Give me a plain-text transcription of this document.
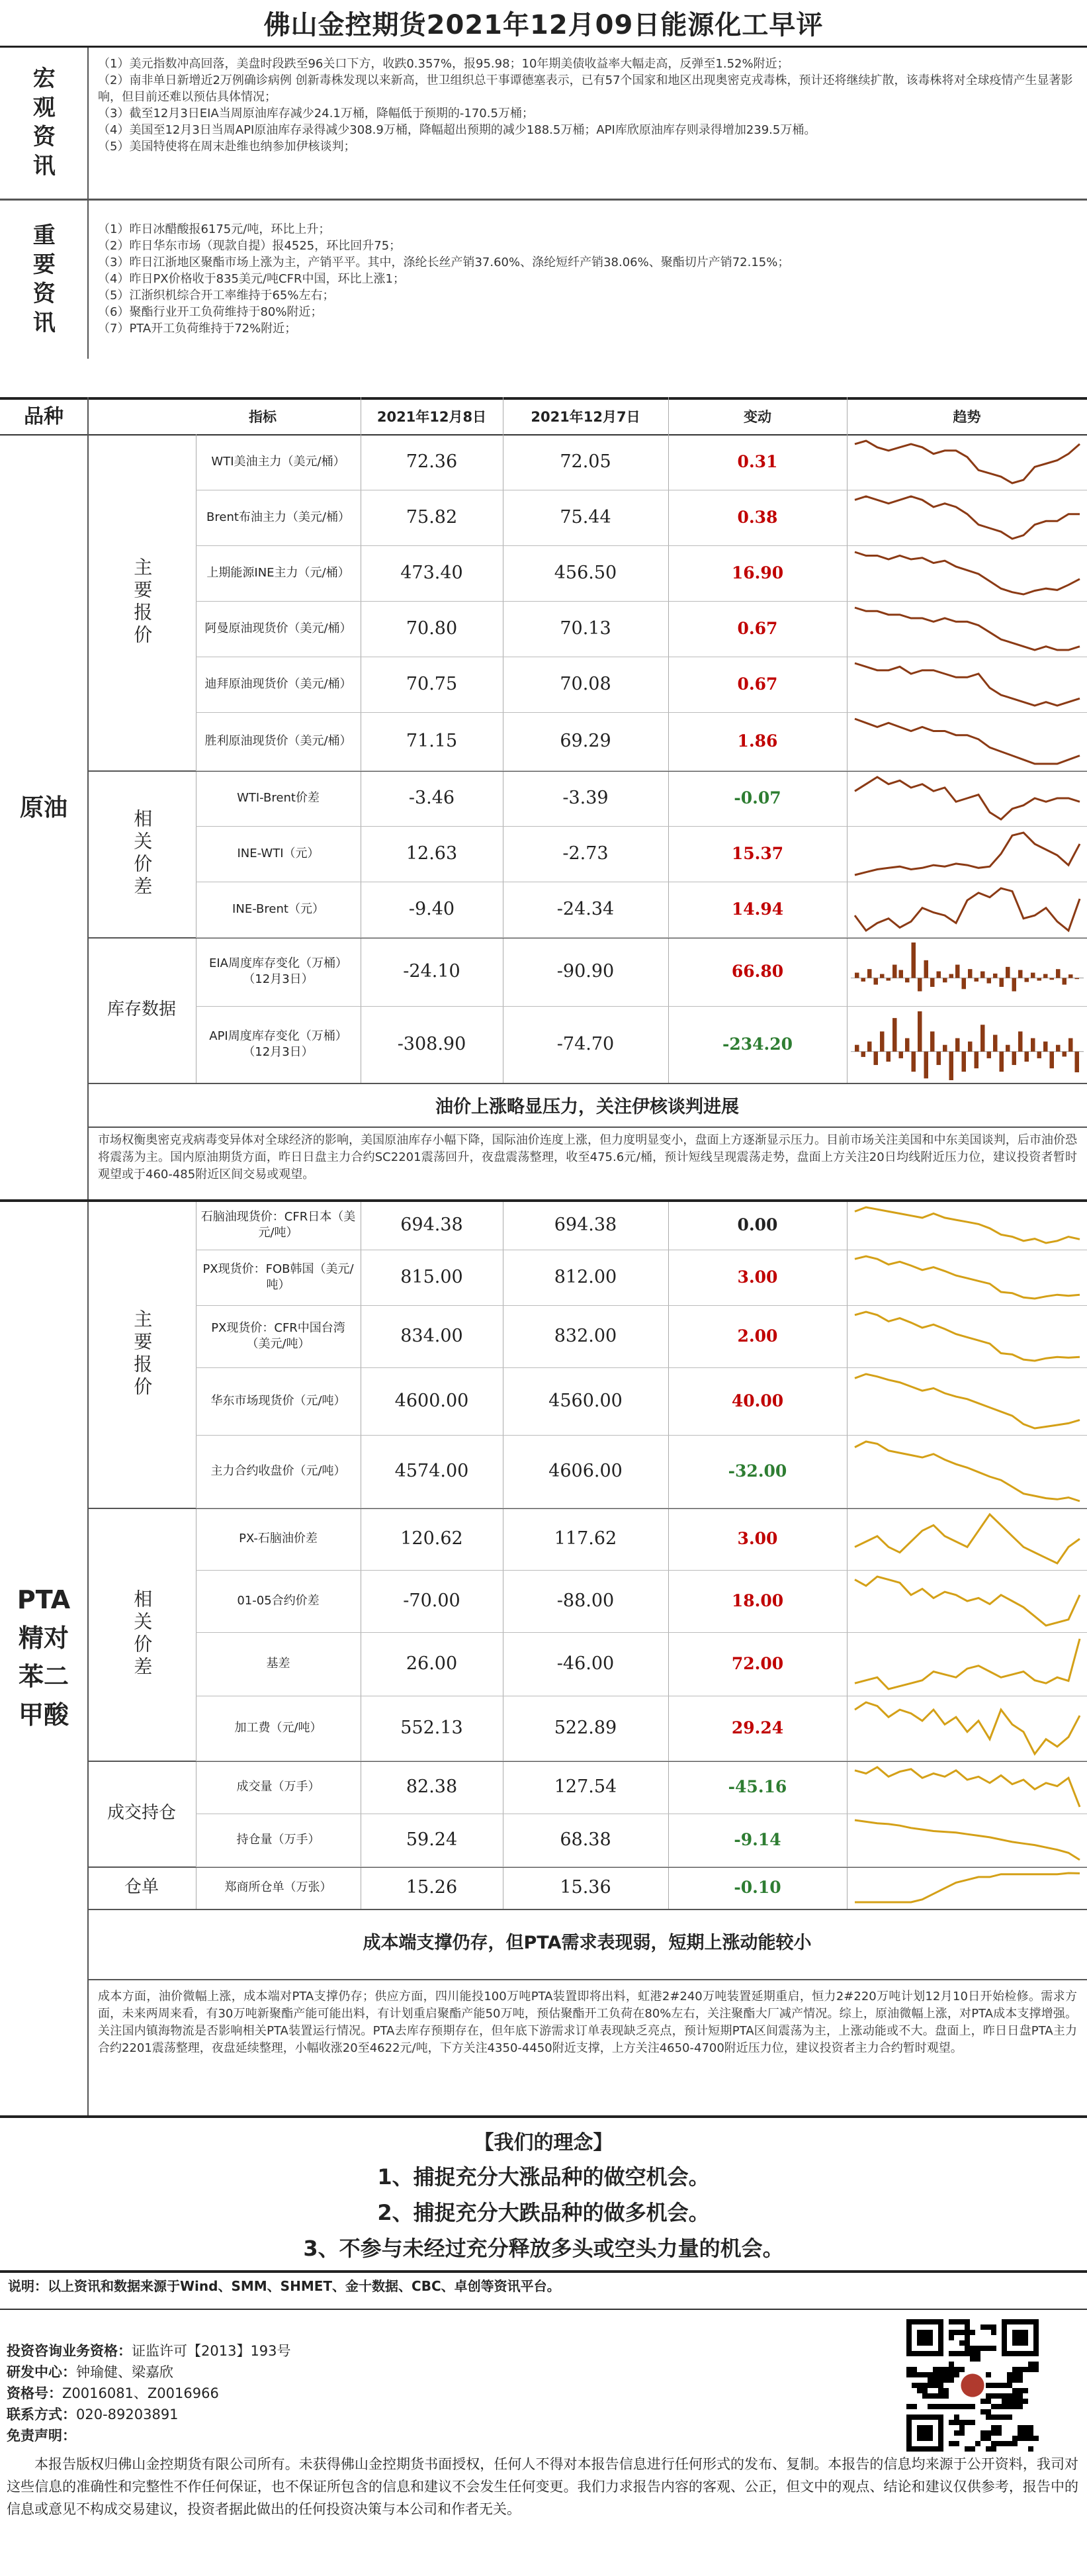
佛山金控期货2021年12月09日能源化工早评
宏观资讯

（1）美元指数冲高回落，美盘时段跌至96关口下方，收跌0.357%，报95.98；10年期美债收益率大幅走高，反弹至1.52%附近；

（2）南非单日新增近2万例确诊病例 创新毒株发现以来新高，世卫组织总干事谭德塞表示，已有57个国家和地区出现奥密克戎毒株，预计还将继续扩散，该毒株将对全球疫情产生显著影响，但目前还难以预估具体情况；

（3）截至12月3日EIA当周原油库存减少24.1万桶，降幅低于预期的-170.5万桶；

（4）美国至12月3日当周API原油库存录得减少308.9万桶，降幅超出预期的减少188.5万桶；API库欣原油库存则录得增加239.5万桶。

（5）美国特使将在周末赴维也纳参加伊核谈判；

重要资讯	（1）昨日冰醋酸报6175元/吨，环比上升；

（2）昨日华东市场（现款自提）报4525，环比回升75；

（3）昨日江浙地区聚酯市场上涨为主，产销平平。其中，涤纶长丝产销37.60%、涤纶短纤产销38.06%、聚酯切片产销72.15%；

（4）昨日PX价格收于835美元/吨CFR中国，环比上涨1；

（5）江浙织机综合开工率维持于65%左右；

（6）聚酯行业开工负荷维持于80%附近；

（7）PTA开工负荷维持于72%附近；

品种	指标	2021年12月8日	2021年12月7日	变动	趋势
原油
主要报价
相关价差
库存数据
油价上涨略显压力，关注伊核谈判进展
市场权衡奥密克戎病毒变异体对全球经济的影响，美国原油库存小幅下降，国际油价连度上涨，但力度明显变小，盘面上方逐渐显示压力。目前市场关注美国和中东美国谈判，后市油价恐将震荡为主。国内原油期货方面，昨日日盘主力合约SC2201震荡回升，夜盘震荡整理，收至475.6元/桶，预计短线呈现震荡走势，盘面上方关注20日均线附近压力位，建议投资者暂时观望或于460-485附近区间交易或观望。
PTA精对苯二甲酸
主要报价
相关价差
成交持仓
仓单
成本端支撑仍存，但PTA需求表现弱，短期上涨动能较小
成本方面，油价微幅上涨，成本端对PTA支撑仍存；供应方面，四川能投100万吨PTA装置即将出料，虹港2#240万吨装置延期重启，恒力2#220万吨计划12月10日开始检修。需求方面，未来两周来看，有30万吨新聚酯产能可能出料，有计划重启聚酯产能50万吨，预估聚酯开工负荷在80%左右，关注聚酯大厂减产情况。综上，原油微幅上涨，对PTA成本支撑增强。关注国内镇海物流是否影响相关PTA装置运行情况。PTA去库存预期存在，但年底下游需求订单表现缺乏亮点，预计短期PTA区间震荡为主，上涨动能或不大。盘面上，昨日日盘PTA主力合约2201震荡整理，夜盘延续整理，小幅收涨20至4622元/吨，下方关注4350-4450附近支撑，上方关注4650-4700附近压力位，建议投资者主力合约暂时观望。
【我们的理念】
1、捕捉充分大涨品种的做空机会。
2、捕捉充分大跌品种的做多机会。
3、不参与未经过充分释放多头或空头力量的机会。
说明：以上资讯和数据来源于Wind、SMM、SHMET、金十数据、CBC、卓创等资讯平台。
投资咨询业务资格：证监许可【2013】193号
研发中心：钟瑜健、梁嘉欣
资格号：Z0016081、Z0016966
联系方式：020-89203891
免责声明：
本报告版权归佛山金控期货有限公司所有。未获得佛山金控期货书面授权，任何人不得对本报告信息进行任何形式的发布、复制。本报告的信息均来源于公开资料，我司对这些信息的准确性和完整性不作任何保证，也不保证所包含的信息和建议不会发生任何变更。我们力求报告内容的客观、公正，但文中的观点、结论和建议仅供参考，报告中的信息或意见不构成交易建议，投资者据此做出的任何投资决策与本公司和作者无关。
WTI美油主力（美元/桶）	72.36	72.05	0.31
Brent布油主力（美元/桶）	75.82	75.44	0.38
上期能源INE主力（元/桶）	473.40	456.50	16.90
阿曼原油现货价（美元/桶）	70.80	70.13	0.67
迪拜原油现货价（美元/桶）	70.75	70.08	0.67
胜利原油现货价（美元/桶）	71.15	69.29	1.86
WTI-Brent价差	-3.46	-3.39	-0.07
INE-WTI（元）	12.63	-2.73	15.37
INE-Brent（元）	-9.40	-24.34	14.94
EIA周度库存变化（万桶）（12月3日）	-24.10	-90.90	66.80
API周度库存变化（万桶）（12月3日）	-308.90	-74.70	-234.20
石脑油现货价：CFR日本（美元/吨）	694.38	694.38	0.00
PX现货价：FOB韩国（美元/吨）	815.00	812.00	3.00
PX现货价：CFR中国台湾（美元/吨）	834.00	832.00	2.00
华东市场现货价（元/吨）	4600.00	4560.00	40.00
主力合约收盘价（元/吨）	4574.00	4606.00	-32.00
PX-石脑油价差	120.62	117.62	3.00
01-05合约价差	-70.00	-88.00	18.00
基差	26.00	-46.00	72.00
加工费（元/吨）	552.13	522.89	29.24
成交量（万手）	82.38	127.54	-45.16
持仓量（万手）	59.24	68.38	-9.14
郑商所仓单（万张）	15.26	15.36	-0.10
